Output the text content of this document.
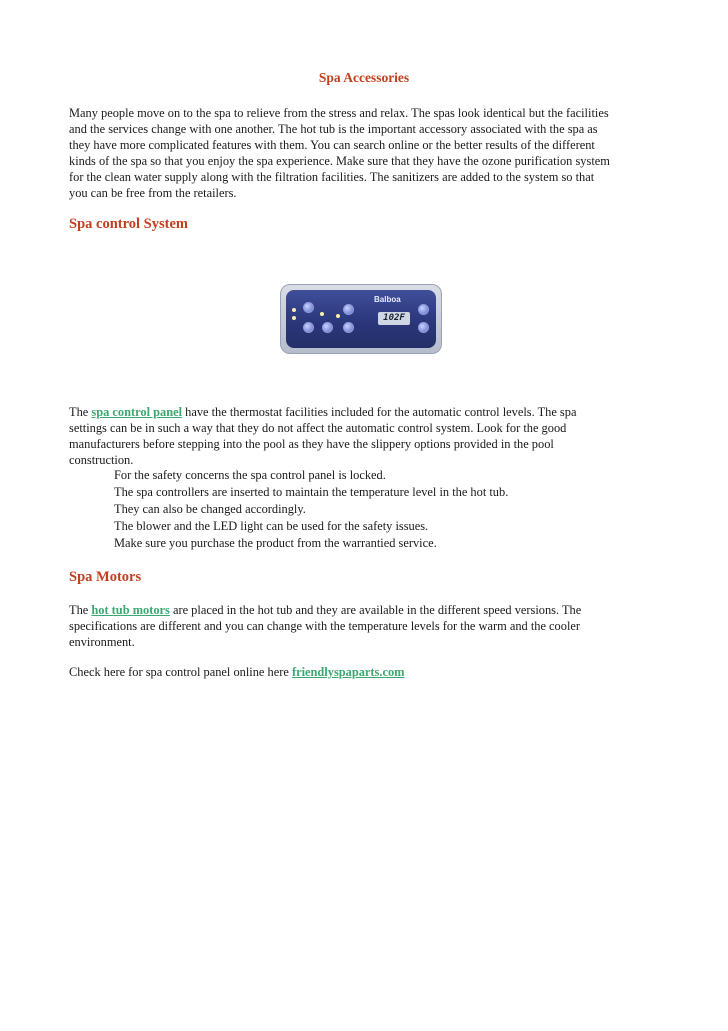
Spa Accessories

Many people move on to the spa to relieve from the stress and relax. The spas look identical but the facilities
and the services change with one another. The hot tub is the important accessory associated with the spa as
they have more complicated features with them. You can search online or the better results of the different
kinds of the spa so that you enjoy the spa experience. Make sure that they have the ozone purification system
for the clean water supply along with the filtration facilities. The sanitizers are added to the system so that
you can be free from the retailers.

Spa control System
Balboa
102F

The spa control panel have the thermostat facilities included for the automatic control levels. The spa
settings can be in such a way that they do not affect the automatic control system. Look for the good
manufacturers before stepping into the pool as they have the slippery options provided in the pool
construction.

For the safety concerns the spa control panel is locked.
The spa controllers are inserted to maintain the temperature level in the hot tub.
They can also be changed accordingly.
The blower and the LED light can be used for the safety issues.
Make sure you purchase the product from the warrantied service.
Spa Motors

The hot tub motors are placed in the hot tub and they are available in the different speed versions. The
specifications are different and you can change with the temperature levels for the warm and the cooler
environment.

Check here for spa control panel online here friendlyspaparts.com
